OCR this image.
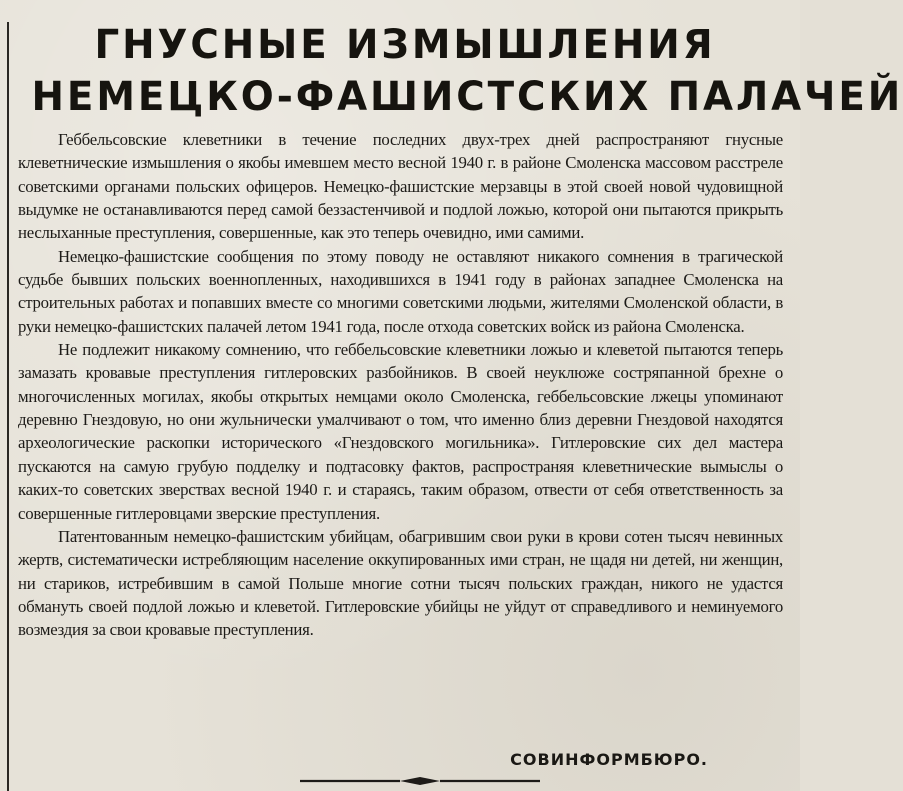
ГНУСНЫЕ ИЗМЫШЛЕНИЯ
НЕМЕЦКО-ФАШИСТСКИХ ПАЛАЧЕЙ

Геббельсовские клеветники в течение последних двух-трех дней распространяют гнусные клеветнические измышления о якобы имевшем место весной 1940 г. в районе Смоленска массовом расстреле советскими органами польских офицеров. Немецко-фашистские мерзавцы в этой своей новой чудовищной выдумке не останавливаются перед самой беззастенчивой и подлой ложью, которой они пытаются прикрыть неслыханные преступления, совершенные, как это теперь очевидно, ими самими.

Немецко-фашистские сообщения по этому поводу не оставляют никакого сомнения в трагической судьбе бывших польских военнопленных, находившихся в 1941 году в районах западнее Смоленска на строительных работах и попавших вместе со многими советскими людьми, жителями Смоленской области, в руки немецко-фашистских палачей летом 1941 года, после отхода советских войск из района Смоленска.

Не подлежит никакому сомнению, что геббельсовские клеветники ложью и клеветой пытаются теперь замазать кровавые преступления гитлеровских разбойников. В своей неуклюже состряпанной брехне о многочисленных могилах, якобы открытых немцами около Смоленска, геббельсовские лжецы упоминают деревню Гнездовую, но они жульнически умалчивают о том, что именно близ деревни Гнездовой находятся археологические раскопки исторического «Гнездовского могильника». Гитлеровские сих дел мастера пускаются на самую грубую подделку и подтасовку фактов, распространяя клеветнические вымыслы о каких-то советских зверствах весной 1940 г. и стараясь, таким образом, отвести от себя ответственность за совершенные гитлеровцами зверские преступления.

Патентованным немецко-фашистским убийцам, обагрившим свои руки в крови сотен тысяч невинных жертв, систематически истребляющим население оккупированных ими стран, не щадя ни детей, ни женщин, ни стариков, истребившим в самой Польше многие сотни тысяч польских граждан, никого не удастся обмануть своей подлой ложью и клеветой. Гитлеровские убийцы не уйдут от справедливого и неминуемого возмездия за свои кровавые преступления.

СОВИНФОРМБЮРО.
